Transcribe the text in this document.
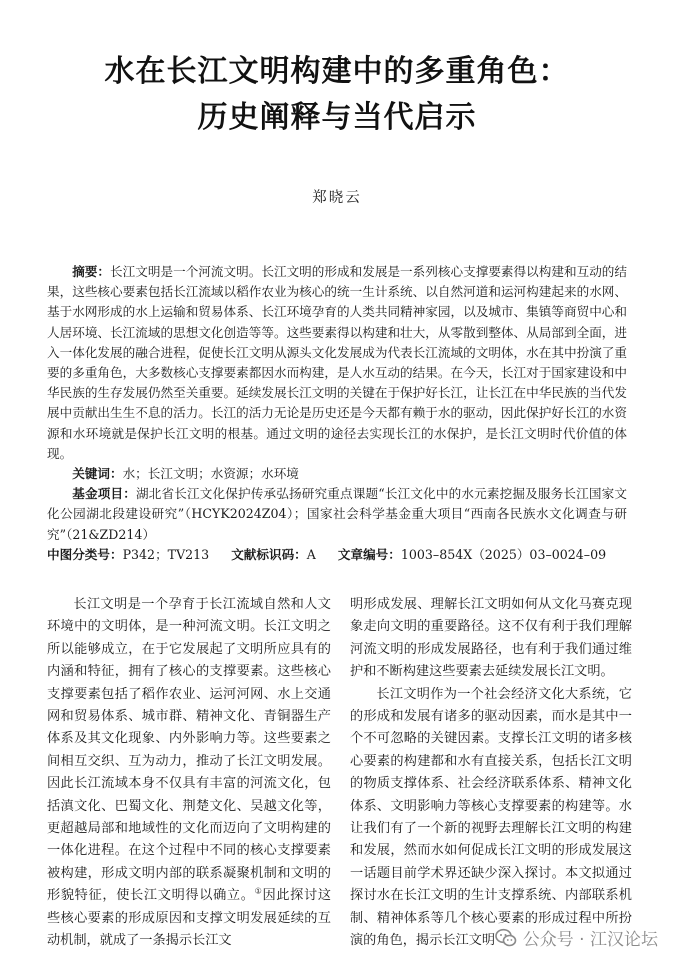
水在长江文明构建中的多重角色：
历史阐释与当代启示
郑晓云

摘要：长江文明是一个河流文明。长江文明的形成和发展是一系列核心支撑要素得以构建和互动的结果，这些核心要素包括长江流域以稻作农业为核心的统一生计系统、以自然河道和运河构建起来的水网、基于水网形成的水上运输和贸易体系、长江环境孕育的人类共同精神家园，以及城市、集镇等商贸中心和人居环境、长江流域的思想文化创造等等。这些要素得以构建和壮大，从零散到整体、从局部到全面，进入一体化发展的融合进程，促使长江文明从源头文化发展成为代表长江流域的文明体，水在其中扮演了重要的多重角色，大多数核心支撑要素都因水而构建，是人水互动的结果。在今天，长江对于国家建设和中华民族的生存发展仍然至关重要。延续发展长江文明的关键在于保护好长江，让长江在中华民族的当代发展中贡献出生生不息的活力。长江的活力无论是历史还是今天都有赖于水的驱动，因此保护好长江的水资源和水环境就是保护长江文明的根基。通过文明的途径去实现长江的水保护，是长江文明时代价值的体现。

关键词：水；长江文明；水资源；水环境

基金项目：湖北省长江文化保护传承弘扬研究重点课题“长江文化中的水元素挖掘及服务长江国家文化公园湖北段建设研究”（HCYK2024Z04）；国家社会科学基金重大项目“西南各民族水文化调查与研究”（21&ZD214）

中图分类号：P342；TV213 文献标识码：A 文章编号：1003–854X（2025）03–0024–09

长江文明是一个孕育于长江流域自然和人文环境中的文明体，是一种河流文明。长江文明之所以能够成立，在于它发展起了文明所应具有的内涵和特征，拥有了核心的支撑要素。这些核心支撑要素包括了稻作农业、运河河网、水上交通网和贸易体系、城市群、精神文化、青铜器生产体系及其文化现象、内外影响力等。这些要素之间相互交织、互为动力，推动了长江文明发展。因此长江流域本身不仅具有丰富的河流文化，包括滇文化、巴蜀文化、荆楚文化、吴越文化等，更超越局部和地域性的文化而迈向了文明构建的一体化进程。在这个过程中不同的核心支撑要素被构建，形成文明内部的联系凝聚机制和文明的形貌特征，使长江文明得以确立。①因此探讨这些核心要素的形成原因和支撑文明发展延续的互动机制，就成了一条揭示长江文

明形成发展、理解长江文明如何从文化马赛克现象走向文明的重要路径。这不仅有利于我们理解河流文明的形成发展路径，也有利于我们通过维护和不断构建这些要素去延续发展长江文明。

长江文明作为一个社会经济文化大系统，它的形成和发展有诸多的驱动因素，而水是其中一个不可忽略的关键因素。支撑长江文明的诸多核心要素的构建都和水有直接关系，包括长江文明的物质支撑体系、社会经济联系体系、精神文化体系、文明影响力等核心支撑要素的构建等。水让我们有了一个新的视野去理解长江文明的构建和发展，然而水如何促成长江文明的形成发展这一话题目前学术界还缺少深入探讨。本文拟通过探讨水在长江文明的生计支撑系统、内部联系机制、精神体系等几个核心要素的形成过程中所扮演的角色，揭示长江文明	公众号 · 江汉论坛
